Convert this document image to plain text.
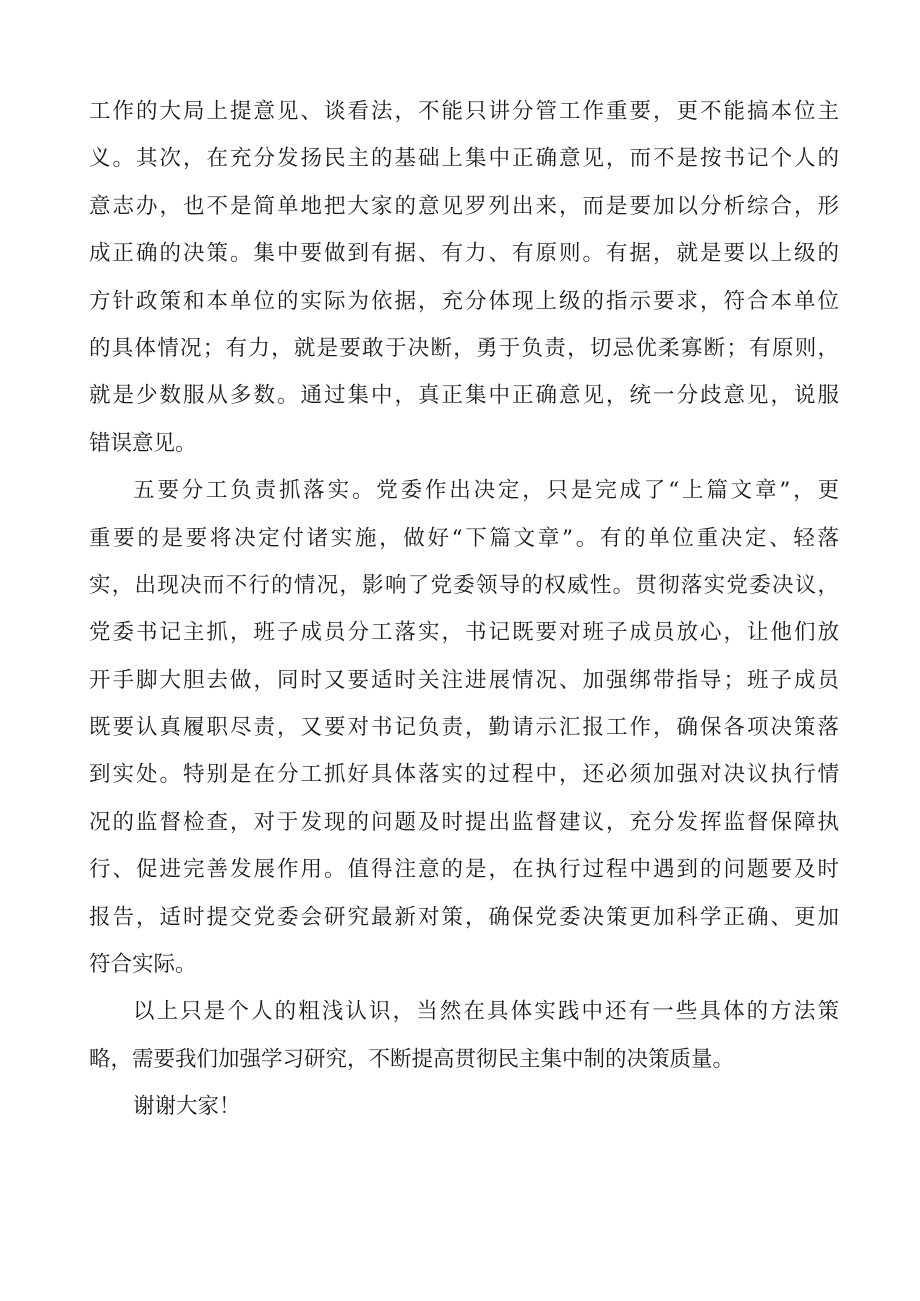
工作的大局上提意见、谈看法，不能只讲分管工作重要，更不能搞本位主
义。其次，在充分发扬民主的基础上集中正确意见，而不是按书记个人的
意志办，也不是简单地把大家的意见罗列出来，而是要加以分析综合，形
成正确的决策。集中要做到有据、有力、有原则。有据，就是要以上级的
方针政策和本单位的实际为依据，充分体现上级的指示要求，符合本单位
的具体情况；有力，就是要敢于决断，勇于负责，切忌优柔寡断；有原则，
就是少数服从多数。通过集中，真正集中正确意见，统一分歧意见，说服
错误意见。
五要分工负责抓落实。党委作出决定，只是完成了“上篇文章”，更
重要的是要将决定付诸实施，做好“下篇文章”。有的单位重决定、轻落
实，出现决而不行的情况，影响了党委领导的权威性。贯彻落实党委决议，
党委书记主抓，班子成员分工落实，书记既要对班子成员放心，让他们放
开手脚大胆去做，同时又要适时关注进展情况、加强绑带指导；班子成员
既要认真履职尽责，又要对书记负责，勤请示汇报工作，确保各项决策落
到实处。特别是在分工抓好具体落实的过程中，还必须加强对决议执行情
况的监督检查，对于发现的问题及时提出监督建议，充分发挥监督保障执
行、促进完善发展作用。值得注意的是，在执行过程中遇到的问题要及时
报告，适时提交党委会研究最新对策，确保党委决策更加科学正确、更加
符合实际。
以上只是个人的粗浅认识，当然在具体实践中还有一些具体的方法策
略，需要我们加强学习研究，不断提高贯彻民主集中制的决策质量。
谢谢大家！
